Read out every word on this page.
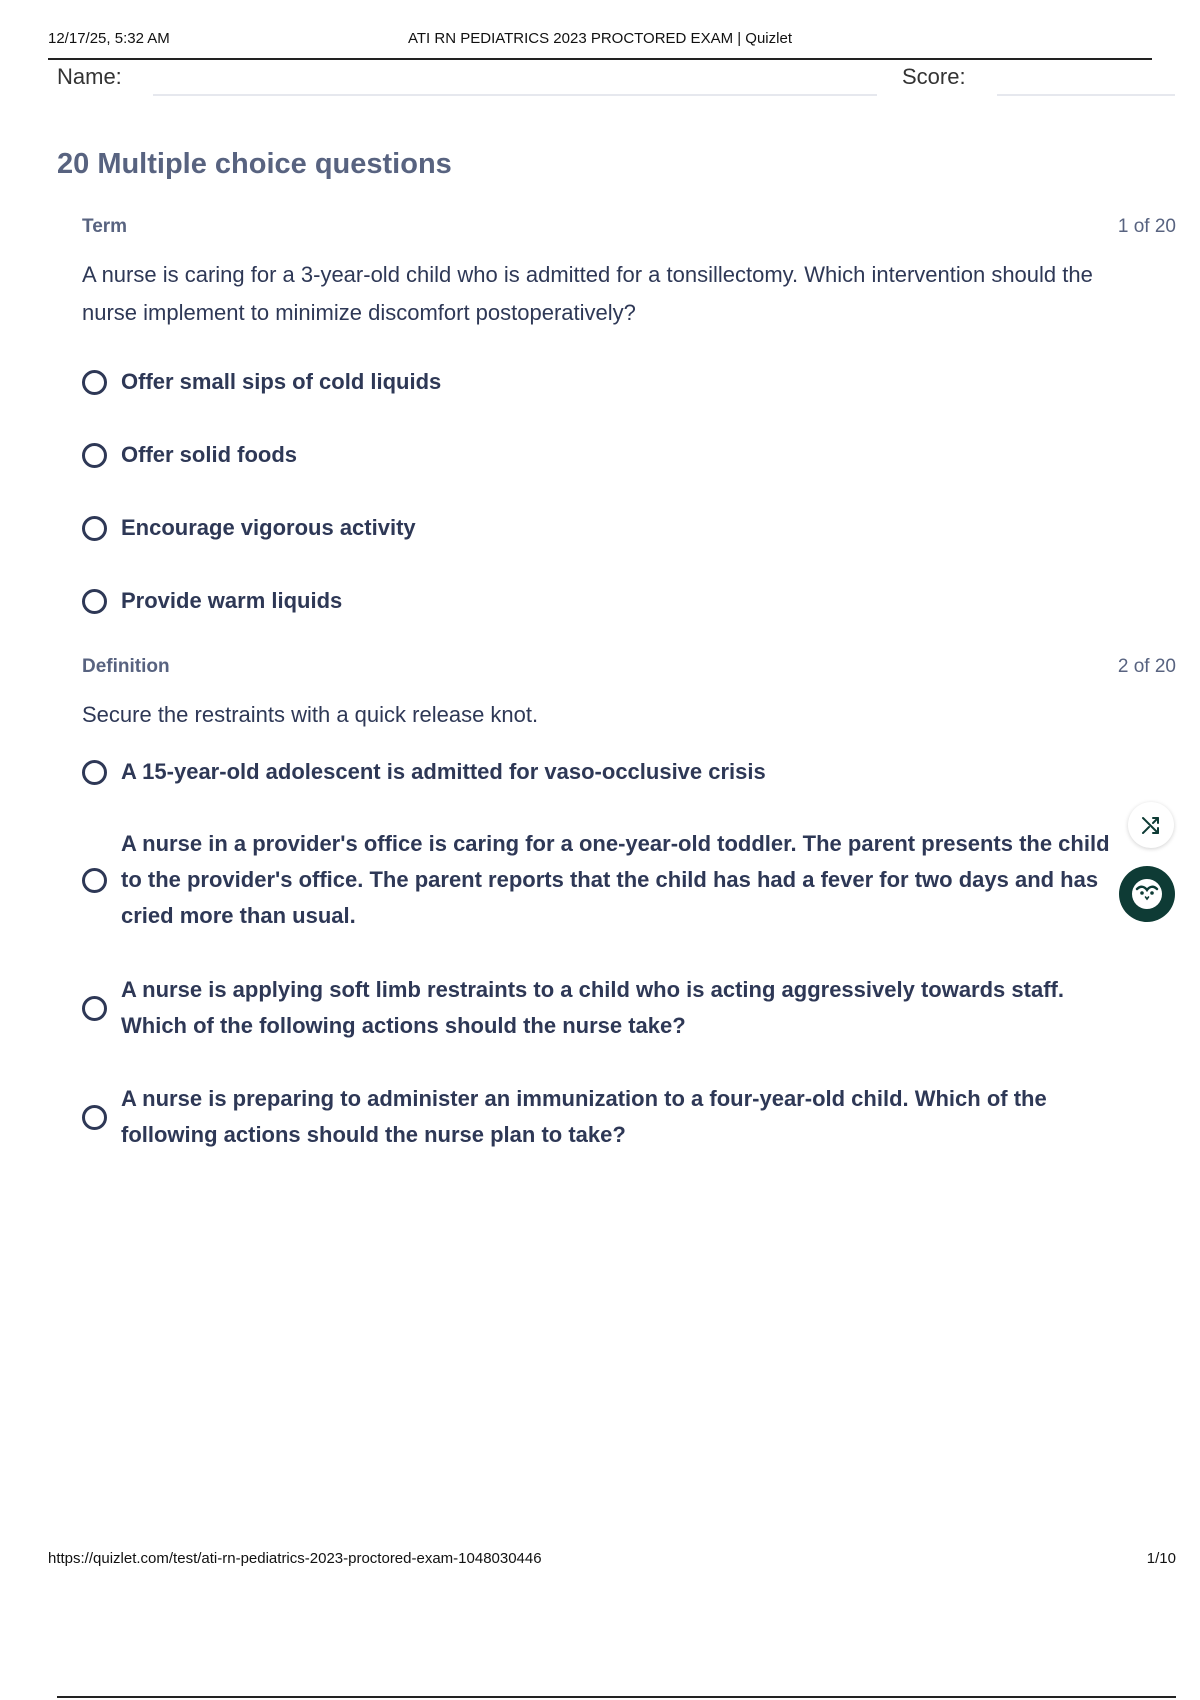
12/17/25, 5:32 AM	ATI RN PEDIATRICS 2023 PROCTORED EXAM | Quizlet
Name:	Score:
20 Multiple choice questions
Term	1 of 20
A nurse is caring for a 3-year-old child who is admitted for a tonsillectomy. Which intervention should the nurse implement to minimize discomfort postoperatively?
Offer small sips of cold liquids
Offer solid foods
Encourage vigorous activity
Provide warm liquids
Definition	2 of 20
Secure the restraints with a quick release knot.
A 15-year-old adolescent is admitted for vaso-occlusive crisis
A nurse in a provider's office is caring for a one-year-old toddler. The parent presents the child to the provider's office. The parent reports that the child has had a fever for two days and has cried more than usual.
A nurse is applying soft limb restraints to a child who is acting aggressively towards staff. Which of the following actions should the nurse take?
A nurse is preparing to administer an immunization to a four-year-old child. Which of the following actions should the nurse plan to take?
https://quizlet.com/test/ati-rn-pediatrics-2023-proctored-exam-1048030446	1/10
